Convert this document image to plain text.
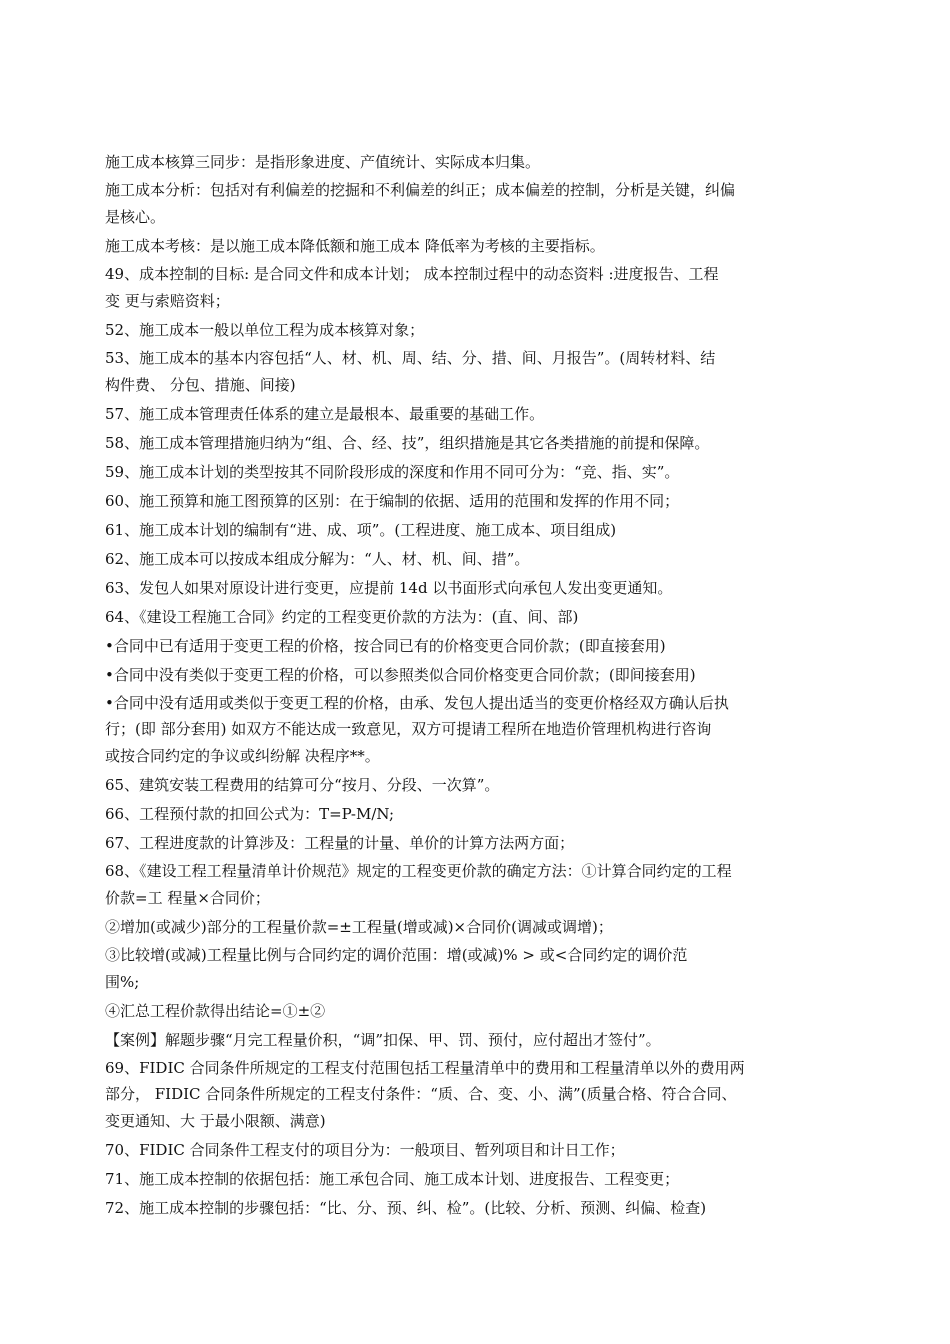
施工成本核算三同步：是指形象进度、产值统计、实际成本归集。
施工成本分析：包括对有利偏差的挖掘和不利偏差的纠正；成本偏差的控制，分析是关键，纠偏
是核心。
施工成本考核：是以施工成本降低额和施工成本 降低率为考核的主要指标。
49、成本控制的目标: 是合同文件和成本计划； 成本控制过程中的动态资料 :进度报告、工程
变 更与索赔资料；
52、施工成本一般以单位工程为成本核算对象；
53、施工成本的基本内容包括“人、材、机、周、结、分、措、间、月报告”。(周转材料、结
构件费、 分包、措施、间接)
57、施工成本管理责任体系的建立是最根本、最重要的基础工作。
58、施工成本管理措施归纳为“组、合、经、技”，组织措施是其它各类措施的前提和保障。
59、施工成本计划的类型按其不同阶段形成的深度和作用不同可分为：“竞、指、实”。
60、施工预算和施工图预算的区别：在于编制的依据、适用的范围和发挥的作用不同；
61、施工成本计划的编制有“进、成、项”。(工程进度、施工成本、项目组成)
62、施工成本可以按成本组成分解为：“人、材、机、间、措”。
63、发包人如果对原设计进行变更，应提前 14d 以书面形式向承包人发出变更通知。
64、《建设工程施工合同》约定的工程变更价款的方法为：(直、间、部)
•合同中已有适用于变更工程的价格，按合同已有的价格变更合同价款；(即直接套用)
•合同中没有类似于变更工程的价格，可以参照类似合同价格变更合同价款；(即间接套用)
•合同中没有适用或类似于变更工程的价格，由承、发包人提出适当的变更价格经双方确认后执
行；(即 部分套用) 如双方不能达成一致意见，双方可提请工程所在地造价管理机构进行咨询
或按合同约定的争议或纠纷解 决程序**。
65、建筑安装工程费用的结算可分“按月、分段、一次算”。
66、工程预付款的扣回公式为：T=P-M/N;
67、工程进度款的计算涉及：工程量的计量、单价的计算方法两方面；
68、《建设工程工程量清单计价规范》规定的工程变更价款的确定方法：①计算合同约定的工程
价款=工 程量×合同价；
②增加(或减少)部分的工程量价款=±工程量(增或减)×合同价(调减或调增)；
③比较增(或减)工程量比例与合同约定的调价范围：增(或减)% > 或<合同约定的调价范
围%;
④汇总工程价款得出结论=①±②
【案例】解题步骤“月完工程量价积，“调”扣保、甲、罚、预付，应付超出才签付”。
69、FIDIC 合同条件所规定的工程支付范围包括工程量清单中的费用和工程量清单以外的费用两
部分， FIDIC 合同条件所规定的工程支付条件：“质、合、变、小、满”(质量合格、符合合同、
变更通知、大 于最小限额、满意)
70、FIDIC 合同条件工程支付的项目分为：一般项目、暂列项目和计日工作；
71、施工成本控制的依据包括：施工承包合同、施工成本计划、进度报告、工程变更；
72、施工成本控制的步骤包括：“比、分、预、纠、检”。(比较、分析、预测、纠偏、检查)
